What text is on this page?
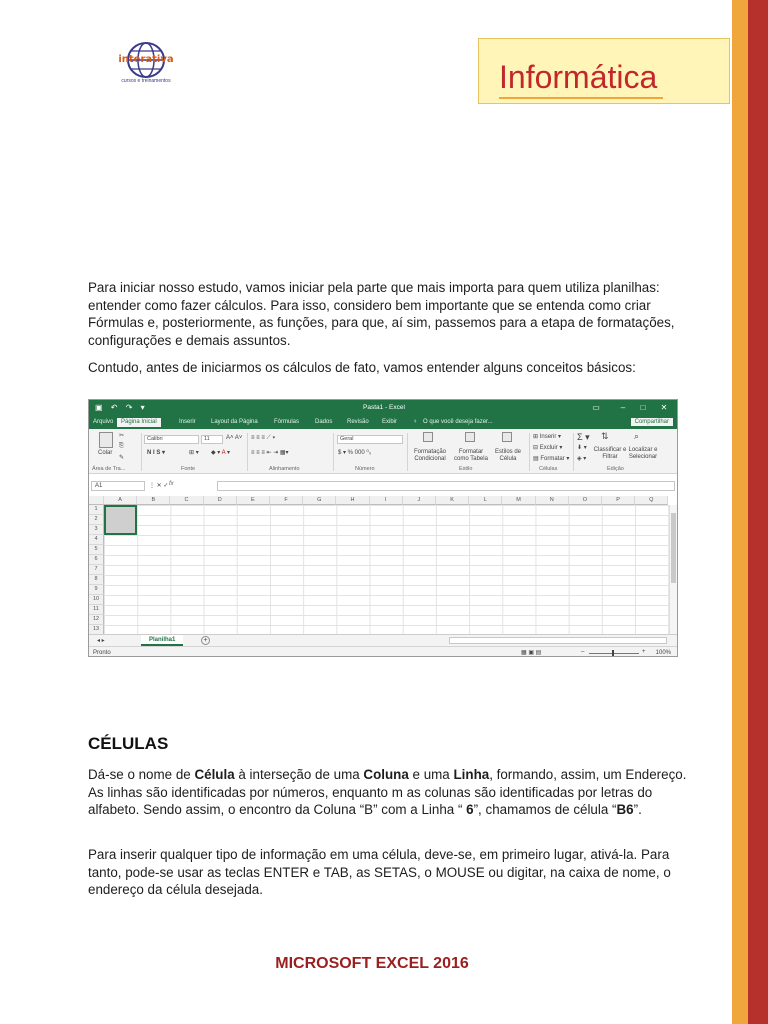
interativa
cursos e treinamentos	Informática

Para iniciar nosso estudo, vamos iniciar pela parte que mais importa para quem utiliza planilhas: entender como fazer cálculos. Para isso, considero bem importante que se entenda como criar Fórmulas e, posteriormente, as funções, para que, aí sim, passemos para a etapa de formatações, configurações e demais assuntos.

Contudo, antes de iniciarmos os cálculos de fato, vamos entender alguns conceitos básicos:

▣ ↶ ↷ ▾	Pasta1 - Excel	▭	–	□	✕
Arquivo	Página Inicial	Inserir	Layout da Página	Fórmulas	Dados Revisão Exibir	♀ O que você deseja fazer...	Compartilhar
Colar
✂
⎘
✎
Calibri	11	A˄ A˅
N I S ▾	⊞ ▾ ◆ ▾ A ▾
≡ ≡ ≡ ⟋ ▾
≡ ≡ ≡ ⇤ ⇥ ▦▾
Geral
$ ▾ % 000 ⁰₀	Formatação Condicional
Formatar como Tabela
Estilos de Célula
⊞ Inserir ▾
⊟ Excluir ▾
▤ Formatar ▾
Σ ▾
⬇ ▾
◈ ▾
⇅
Classificar e Filtrar
⌕
Localizar e Selecionar
Área de Tra...	Fonte	Alinhamento	Número	Estilo	Células	Edição
A1	⋮ ✕ ✓ fx
A	B	C	D	E	F	G	H	I	J	K	L	M	N	O	P	Q
1
2
3
4
5
6
7
8
9
10
11
12
13
◂ ▸	Planilha1	+
Pronto	▦ ▣ ▤	–	+ 100%
CÉLULAS

Dá-se o nome de Célula à interseção de uma Coluna e uma Linha, formando, assim, um Endereço. As linhas são identificadas por números, enquanto m as colunas são identificadas por letras do alfabeto. Sendo assim, o encontro da Coluna “B” com a Linha “ 6”, chamamos de célula “B6”.

Para inserir qualquer tipo de informação em uma célula, deve-se, em primeiro lugar, ativá-la. Para tanto, pode-se usar as teclas ENTER e TAB, as SETAS, o MOUSE ou digitar, na caixa de nome, o endereço da célula desejada.

MICROSOFT EXCEL 2016
